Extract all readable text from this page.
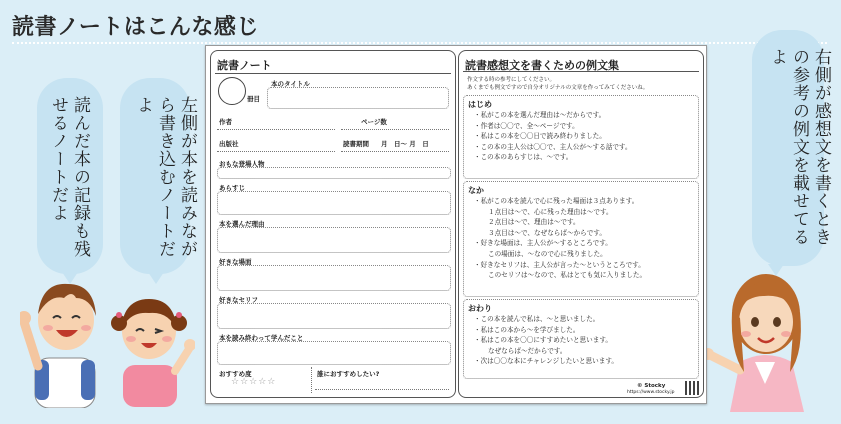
読書ノートはこんな感じ
読んだ本の記録も残せるノートだよ	左側が本を読みながら書き込むノートだよ	右側が感想文を書くときの参考の例文を載せてるよ
読書ノート
冊目
本のタイトル
作者	ページ数
出版社	読書期間 月　日〜 月　日
おもな登場人物
あらすじ
本を選んだ理由
好きな場面
好きなセリフ
本を読み終わって学んだこと
おすすめ度
☆☆☆☆☆
誰におすすめしたい?
読書感想文を書くための例文集
作文する時の参考にしてください。
あくまでも例文ですので自分オリジナルの文章を作ってみてくださいね。
はじめ
・ 私がこの本を選んだ理由は〜だからです。
・ 作者は〇〇で、全〜ページです。
・ 私はこの本を〇〇日で読み終わりました。
・ この本の主人公は〇〇で、主人公が〜する話です。
・ この本のあらすじは、〜です。
なか
・ 私がこの本を読んで心に残った場面は３点あります。
１点目は〜で、心に残った理由は〜です。
２点目は〜で、理由は〜です。
３点目は〜で、なぜならば〜からです。
・ 好きな場面は、主人公が〜するところです。
この場面は、〜なので心に残りました。
・ 好きなセリフは、主人公が言った〜というところです。
このセリフは〜なので、私はとても気に入りました。
おわり
・ この本を読んで私は、〜と思いました。
・ 私はこの本から〜を学びました。
・ 私はこの本を〇〇にすすめたいと思います。
なぜならば〜だからです。
・ 次は〇〇な本にチャレンジしたいと思います。
© Stocky
https://www.stocky.jp
